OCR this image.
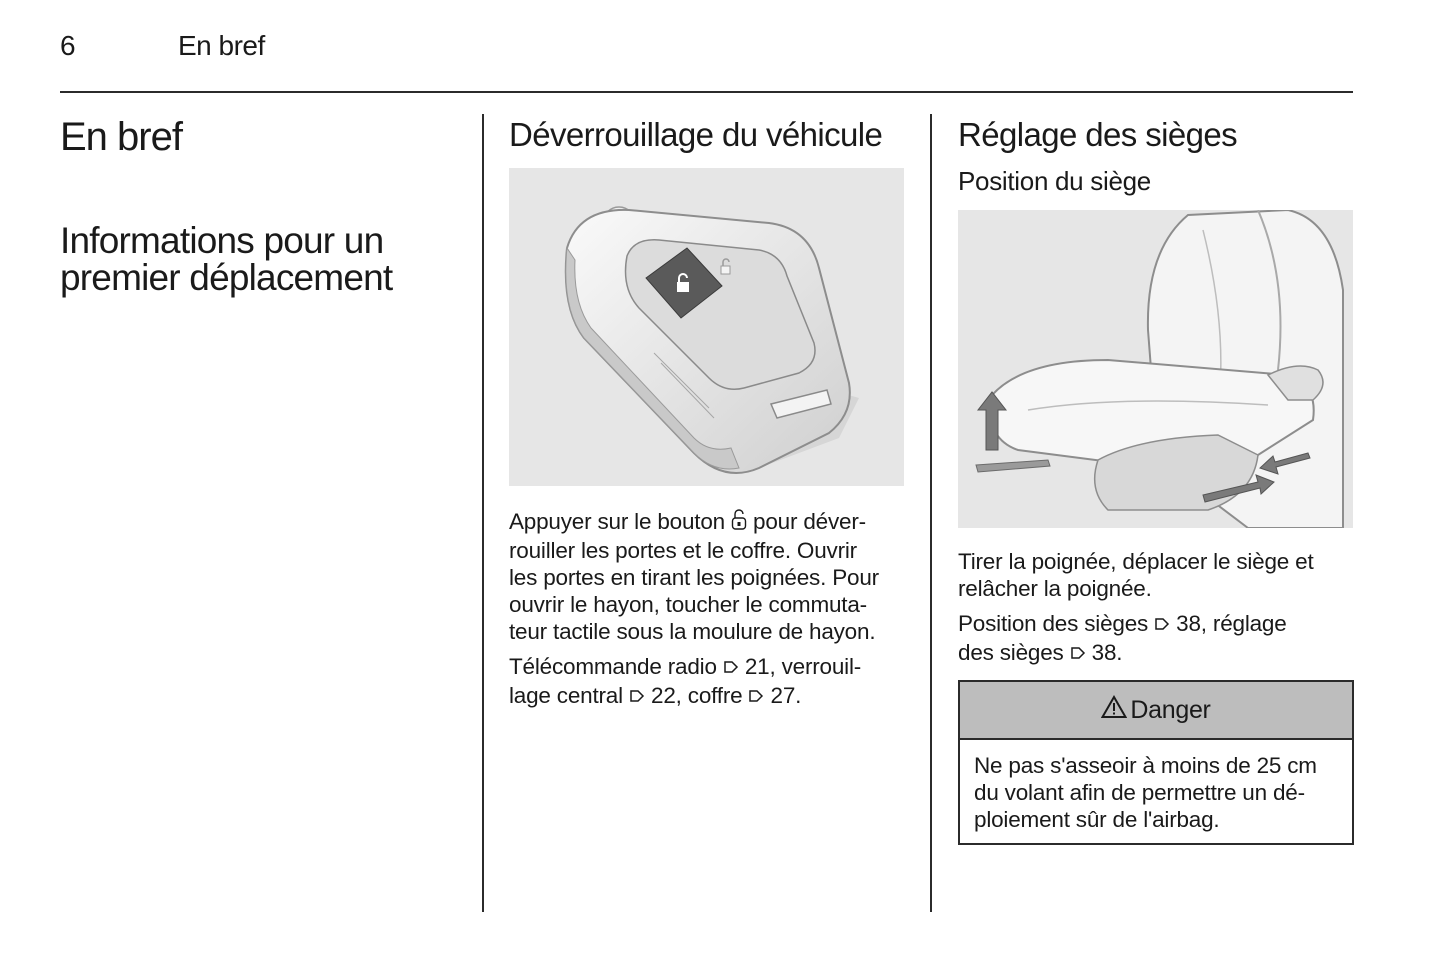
6	En bref
En bref
Informations pour un
premier déplacement
Déverrouillage du véhicule

Appuyer sur le bouton  pour déver-
rouiller les portes et le coffre. Ouvrir
les portes en tirant les poignées. Pour
ouvrir le hayon, toucher le commuta-
teur tactile sous la moulure de hayon.

Télécommande radio  21, verrouil-
lage central  22, coffre  27.

Réglage des sièges
Position du siège

Tirer la poignée, déplacer le siège et
relâcher la poignée.

Position des sièges  38, réglage
des sièges  38.

Danger

Ne pas s'asseoir à moins de 25 cm
du volant afin de permettre un dé-
ploiement sûr de l'airbag.
